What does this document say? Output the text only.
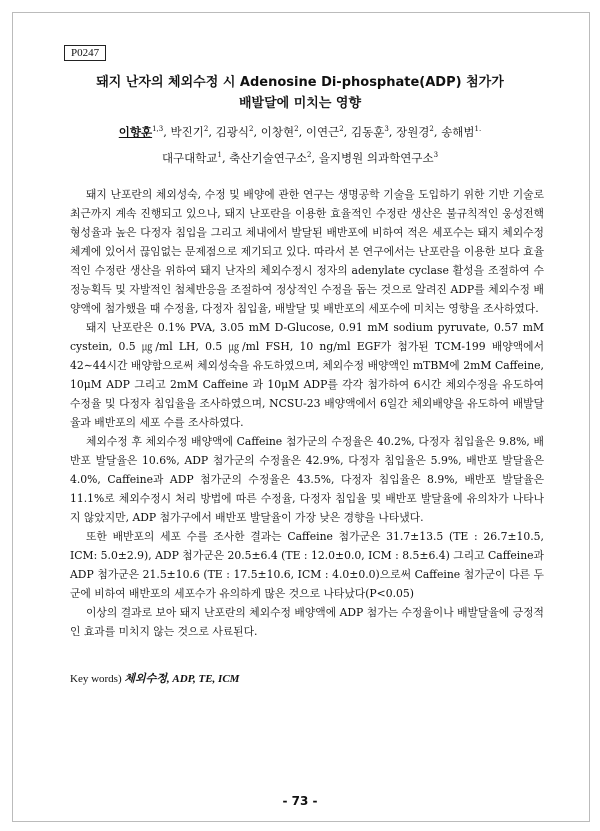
P0247
돼지 난자의 체외수정 시 Adenosine Di-phosphate(ADP) 첨가가
배발달에 미치는 영향
이향훈$^{1,3}$, 박진기$^2$, 김광식$^2$, 이창현$^2$, 이연근$^2$, 김동훈$^3$, 장원경$^2$, 송해범$^{1.}$
대구대학교$^1$, 축산기술연구소$^2$, 을지병원 의과학연구소$^3$

돼지 난포란의 체외성숙, 수정 및 배양에 관한 연구는 생명공학 기술을 도입하기 위한 기반 기술로 최근까지 계속 진행되고 있으나, 돼지 난포란을 이용한 효율적인 수정란 생산은 불규칙적인 웅성전핵 형성율과 높은 다정자 침입을 그리고 체내에서 발달된 배반포에 비하여 적은 세포수는 돼지 체외수정 체계에 있어서 끊임없는 문제점으로 제기되고 있다. 따라서 본 연구에서는 난포란을 이용한 보다 효율적인 수정란 생산을 위하여 돼지 난자의 체외수정시 정자의 adenylate cyclase 활성을 조절하여 수정능획득 및 자발적인 첨체반응을 조절하여 정상적인 수정을 돕는 것으로 알려진 ADP를 체외수정 배양액에 첨가했을 때 수정율, 다정자 침입율, 배발달 및 배반포의 세포수에 미치는 영향을 조사하였다.

돼지 난포란은 0.1% PVA, 3.05 mM D-Glucose, 0.91 mM sodium pyruvate, 0.57 mM cystein, 0.5 ㎍/ml LH, 0.5 ㎍/ml FSH, 10 ng/ml EGF가 첨가된 TCM-199 배양액에서 42∼44시간 배양함으로써 체외성숙을 유도하였으며, 체외수정 배양액인 mTBM에 2mM Caffeine, 10μM ADP 그리고 2mM Caffeine 과 10μM ADP를 각각 첨가하여 6시간 체외수정을 유도하여 수정율 및 다정자 침입율을 조사하였으며, NCSU-23 배양액에서 6일간 체외배양을 유도하여 배발달율과 배반포의 세포 수를 조사하였다.

체외수정 후 체외수정 배양액에 Caffeine 첨가군의 수정율은 40.2%, 다정자 침입율은 9.8%, 배반포 발달율은 10.6%, ADP 첨가군의 수정율은 42.9%, 다정자 침입율은 5.9%, 배반포 발달율은 4.0%, Caffeine과 ADP 첨가군의 수정율은 43.5%, 다정자 침입율은 8.9%, 배반포 발달율은 11.1%로 체외수정시 처리 방법에 따른 수정율, 다정자 침입율 및 배반포 발달율에 유의차가 나타나지 않았지만, ADP 첨가구에서 배반포 발달율이 가장 낮은 경향을 나타냈다.

또한 배반포의 세포 수를 조사한 결과는 Caffeine 첨가군은 31.7±13.5 (TE : 26.7±10.5, ICM: 5.0±2.9), ADP 첨가군은 20.5±6.4 (TE : 12.0±0.0, ICM : 8.5±6.4) 그리고 Caffeine과 ADP 첨가군은 21.5±10.6 (TE : 17.5±10.6, ICM : 4.0±0.0)으로써 Caffeine 첨가군이 다른 두 군에 비하여 배반포의 세포수가 유의하게 많은 것으로 나타났다(P<0.05)

이상의 결과로 보아 돼지 난포란의 체외수정 배양액에 ADP 첨가는 수정율이나 배발달율에 긍정적인 효과를 미치지 않는 것으로 사료된다.

Key words) 체외수정, ADP, TE, ICM
- 73 -
